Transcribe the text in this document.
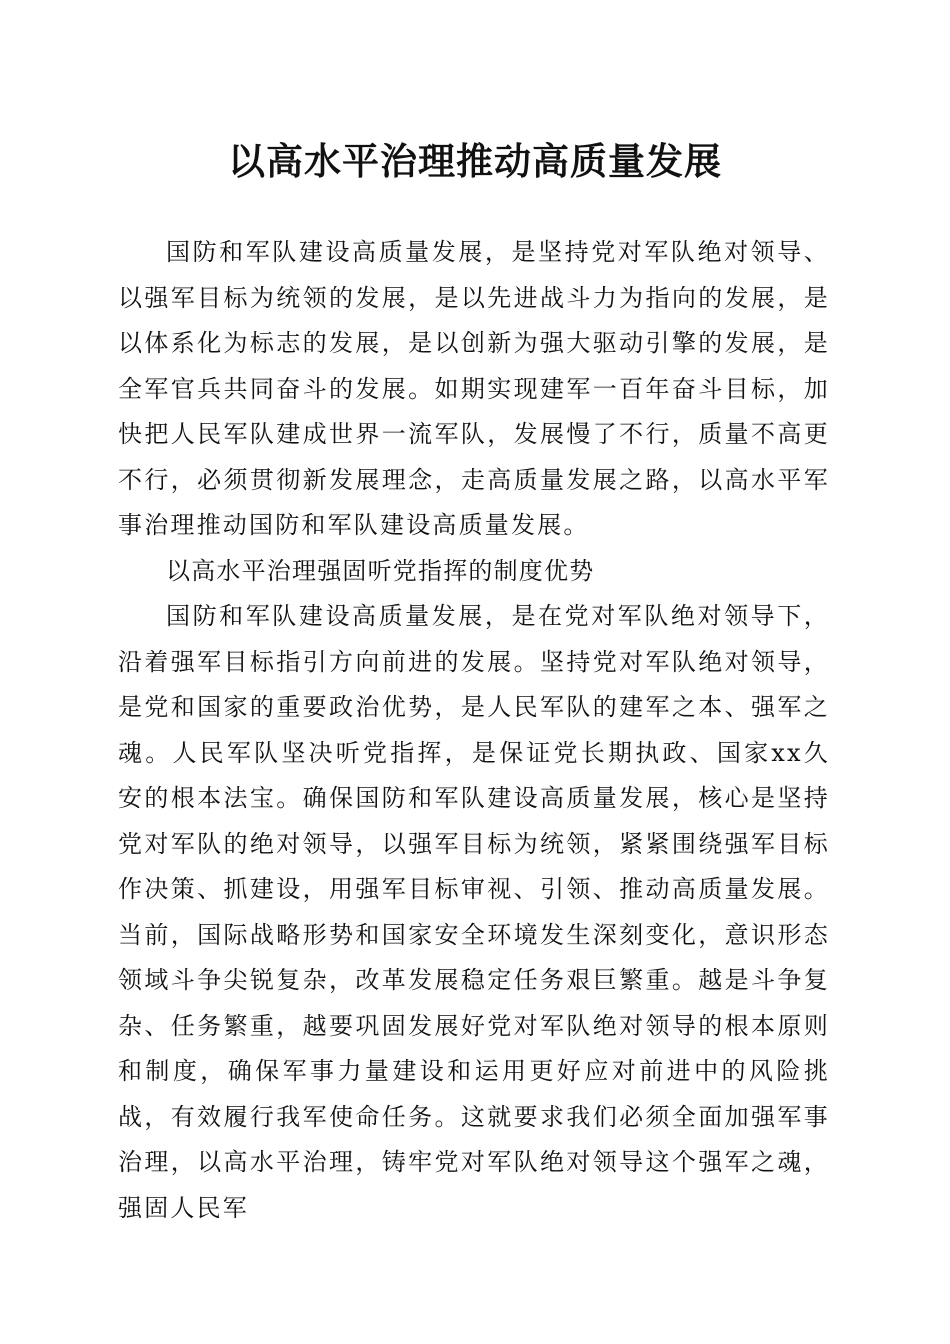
以高水平治理推动高质量发展

国防和军队建设高质量发展，是坚持党对军队绝对领导、以强军目标为统领的发展，是以先进战斗力为指向的发展，是以体系化为标志的发展，是以创新为强大驱动引擎的发展，是全军官兵共同奋斗的发展。如期实现建军一百年奋斗目标，加快把人民军队建成世界一流军队，发展慢了不行，质量不高更不行，必须贯彻新发展理念，走高质量发展之路，以高水平军事治理推动国防和军队建设高质量发展。

以高水平治理强固听党指挥的制度优势

国防和军队建设高质量发展，是在党对军队绝对领导下，沿着强军目标指引方向前进的发展。坚持党对军队绝对领导，是党和国家的重要政治优势，是人民军队的建军之本、强军之魂。人民军队坚决听党指挥，是保证党长期执政、国家xx久安的根本法宝。确保国防和军队建设高质量发展，核心是坚持党对军队的绝对领导，以强军目标为统领，紧紧围绕强军目标作决策、抓建设，用强军目标审视、引领、推动高质量发展。当前，国际战略形势和国家安全环境发生深刻变化，意识形态领域斗争尖锐复杂，改革发展稳定任务艰巨繁重。越是斗争复杂、任务繁重，越要巩固发展好党对军队绝对领导的根本原则和制度，确保军事力量建设和运用更好应对前进中的风险挑战，有效履行我军使命任务。这就要求我们必须全面加强军事治理，以高水平治理，铸牢党对军队绝对领导这个强军之魂，强固人民军
